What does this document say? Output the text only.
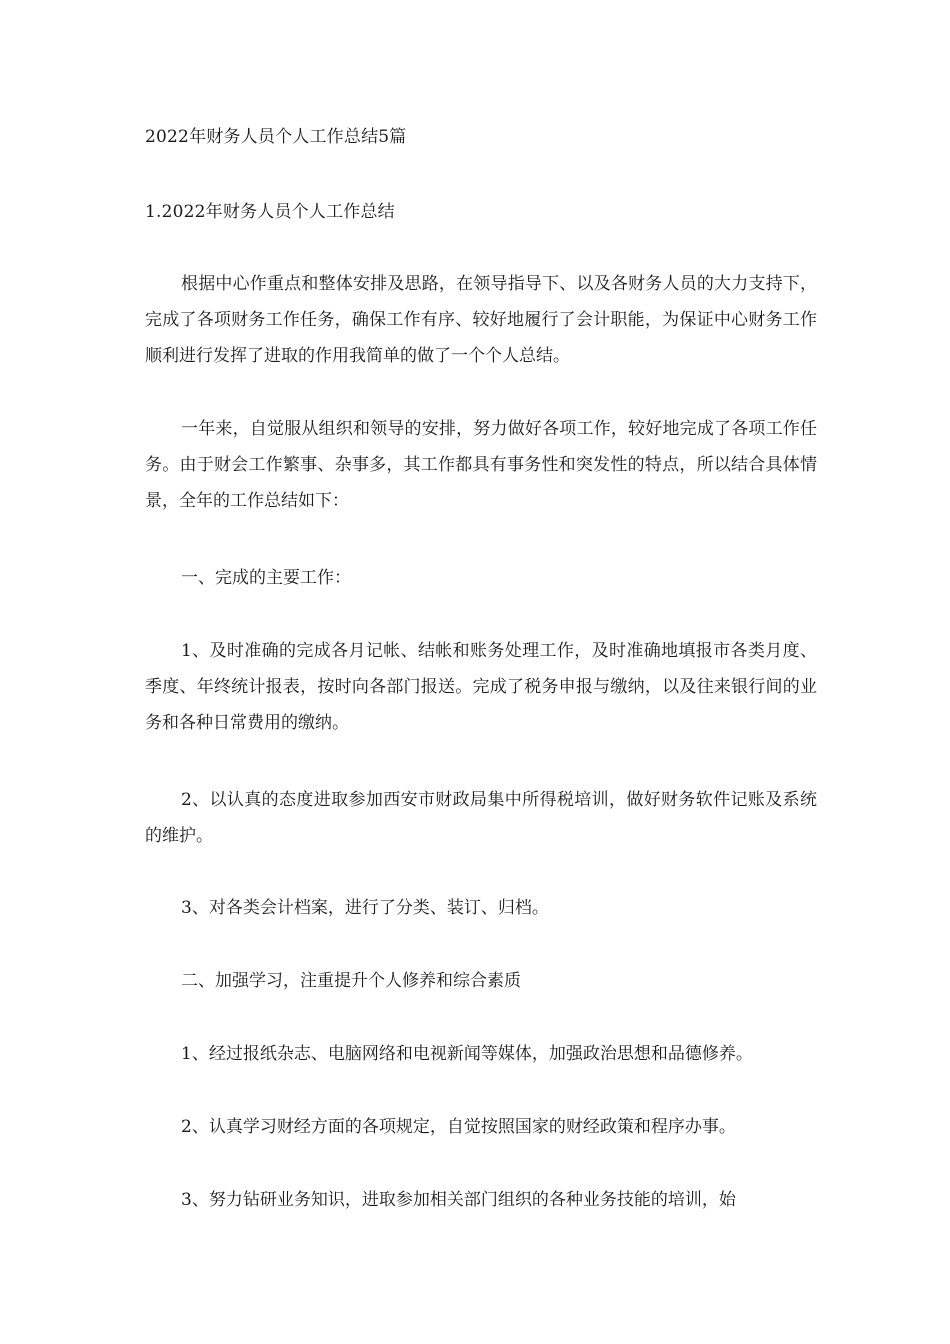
2022年财务人员个人工作总结5篇
1.2022年财务人员个人工作总结
根据中心作重点和整体安排及思路，在领导指导下、以及各财务人员的大力支持下，完成了各项财务工作任务，确保工作有序、较好地履行了会计职能，为保证中心财务工作顺利进行发挥了进取的作用我简单的做了一个个人总结。
一年来，自觉服从组织和领导的安排，努力做好各项工作，较好地完成了各项工作任务。由于财会工作繁事、杂事多，其工作都具有事务性和突发性的特点，所以结合具体情景，全年的工作总结如下：
一、完成的主要工作：
1、及时准确的完成各月记帐、结帐和账务处理工作，及时准确地填报市各类月度、季度、年终统计报表，按时向各部门报送。完成了税务申报与缴纳，以及往来银行间的业务和各种日常费用的缴纳。
2、以认真的态度进取参加西安市财政局集中所得税培训，做好财务软件记账及系统的维护。
3、对各类会计档案，进行了分类、装订、归档。
二、加强学习，注重提升个人修养和综合素质
1、经过报纸杂志、电脑网络和电视新闻等媒体，加强政治思想和品德修养。
2、认真学习财经方面的各项规定，自觉按照国家的财经政策和程序办事。
3、努力钻研业务知识，进取参加相关部门组织的各种业务技能的培训，始
